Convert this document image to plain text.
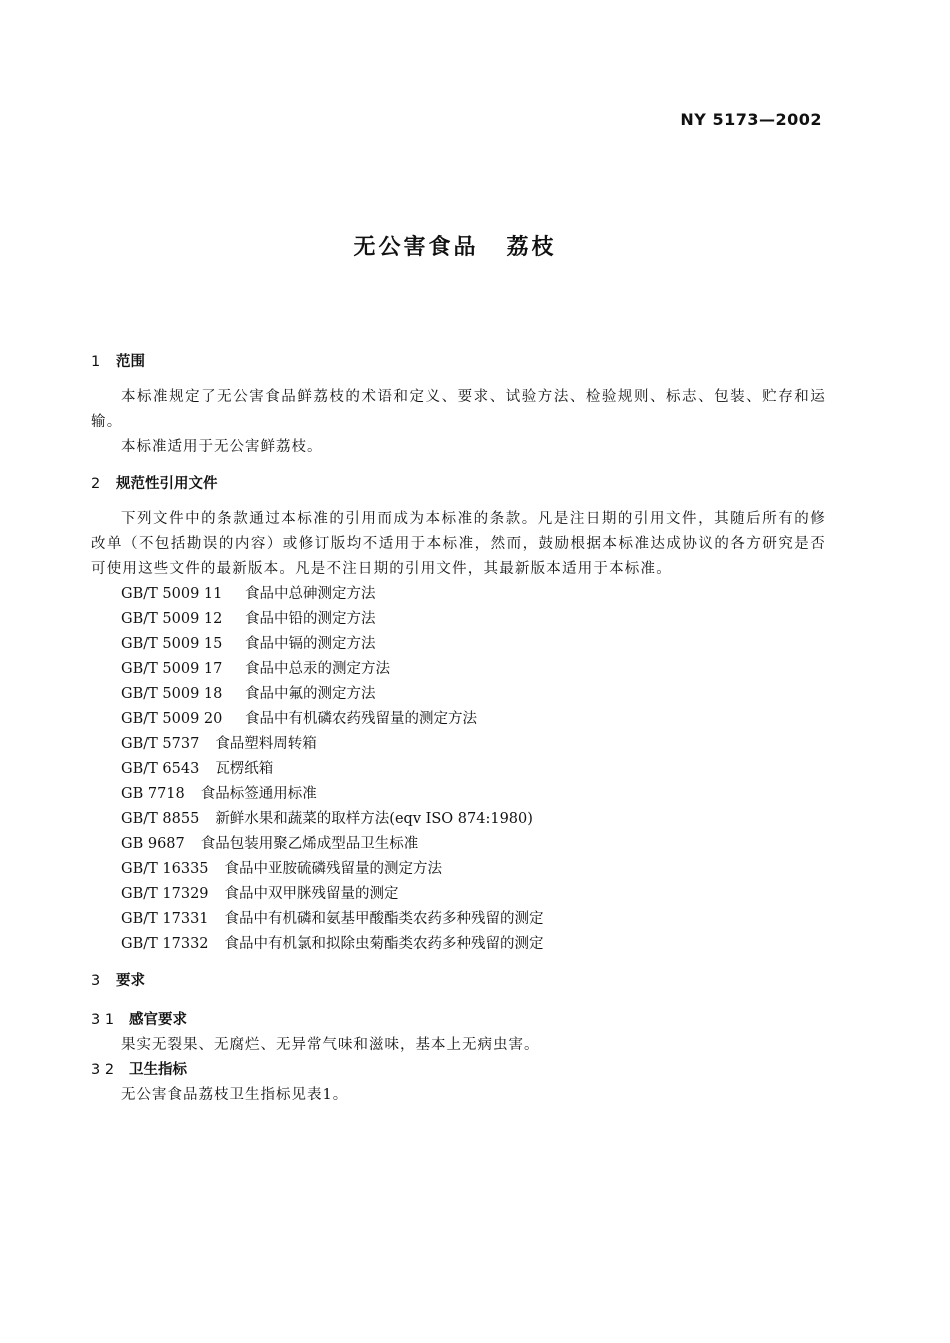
NY 5173—2002
无公害食品 荔枝
1 范围
本标准规定了无公害食品鲜荔枝的术语和定义、要求、试验方法、检验规则、标志、包装、贮存和运输。
本标准适用于无公害鲜荔枝。
2 规范性引用文件
下列文件中的条款通过本标准的引用而成为本标准的条款。凡是注日期的引用文件，其随后所有的修改单（不包括勘误的内容）或修订版均不适用于本标准，然而，鼓励根据本标准达成协议的各方研究是否可使用这些文件的最新版本。凡是不注日期的引用文件，其最新版本适用于本标准。
GB/T 5009 11 食品中总砷测定方法
GB/T 5009 12 食品中铅的测定方法
GB/T 5009 15 食品中镉的测定方法
GB/T 5009 17 食品中总汞的测定方法
GB/T 5009 18 食品中氟的测定方法
GB/T 5009 20 食品中有机磷农药残留量的测定方法
GB/T 5737 食品塑料周转箱
GB/T 6543 瓦楞纸箱
GB 7718 食品标签通用标准
GB/T 8855 新鲜水果和蔬菜的取样方法(eqv ISO 874:1980)
GB 9687 食品包装用聚乙烯成型品卫生标准
GB/T 16335 食品中亚胺硫磷残留量的测定方法
GB/T 17329 食品中双甲脒残留量的测定
GB/T 17331 食品中有机磷和氨基甲酸酯类农药多种残留的测定
GB/T 17332 食品中有机氯和拟除虫菊酯类农药多种残留的测定
3 要求
3 1 感官要求
果实无裂果、无腐烂、无异常气味和滋味，基本上无病虫害。
3 2 卫生指标
无公害食品荔枝卫生指标见表1。
